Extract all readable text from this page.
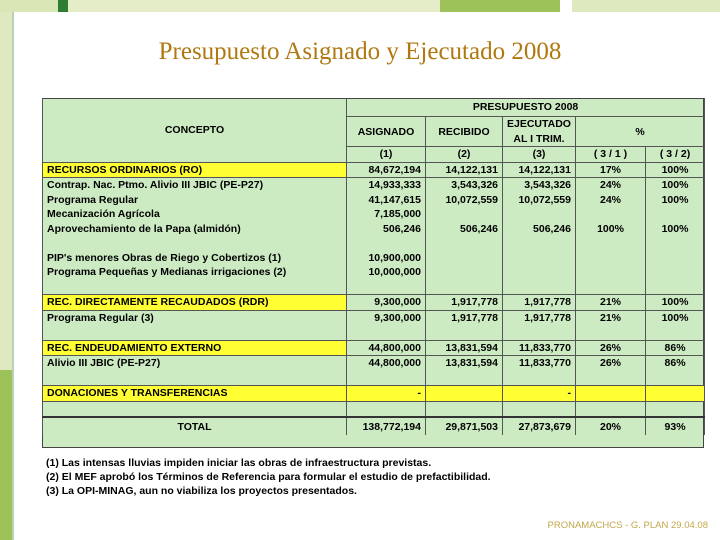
Presupuesto Asignado y Ejecutado 2008
CONCEPTO	PRESUPUESTO 2008				
	ASIGNADO	RECIBIDO	EJECUTADO	%	
			AL I TRIM.		
	(1)	(2)	(3)	( 3 / 1 )	( 3 / 2)
RECURSOS ORDINARIOS (RO)	84,672,194	14,122,131	14,122,131	17%	100%
Contrap. Nac. Ptmo. Alivio III JBIC (PE-P27)	14,933,333	3,543,326	3,543,326	24%	100%
Programa Regular	41,147,615	10,072,559	10,072,559	24%	100%
Mecanización Agrícola	7,185,000				
Aprovechamiento de la Papa (almidón)	506,246	506,246	506,246	100%	100%

PIP's menores Obras de Riego y Cobertizos (1)	10,900,000				
Programa Pequeñas y Medianas irrigaciones (2)	10,000,000				

REC. DIRECTAMENTE RECAUDADOS (RDR)	9,300,000	1,917,778	1,917,778	21%	100%
Programa Regular (3)	9,300,000	1,917,778	1,917,778	21%	100%

REC. ENDEUDAMIENTO EXTERNO	44,800,000	13,831,594	11,833,770	26%	86%
Alivio III JBIC (PE-P27)	44,800,000	13,831,594	11,833,770	26%	86%

DONACIONES Y TRANSFERENCIAS	-		-		

TOTAL	138,772,194	29,871,503	27,873,679	20%	93%
(1) Las intensas lluvias impiden iniciar las obras de infraestructura previstas.
(2) El MEF aprobó los Términos de Referencia para formular el estudio de prefactibilidad.
(3) La OPI-MINAG, aun no viabiliza los proyectos presentados.
PRONAMACHCS - G. PLAN 29.04.08
